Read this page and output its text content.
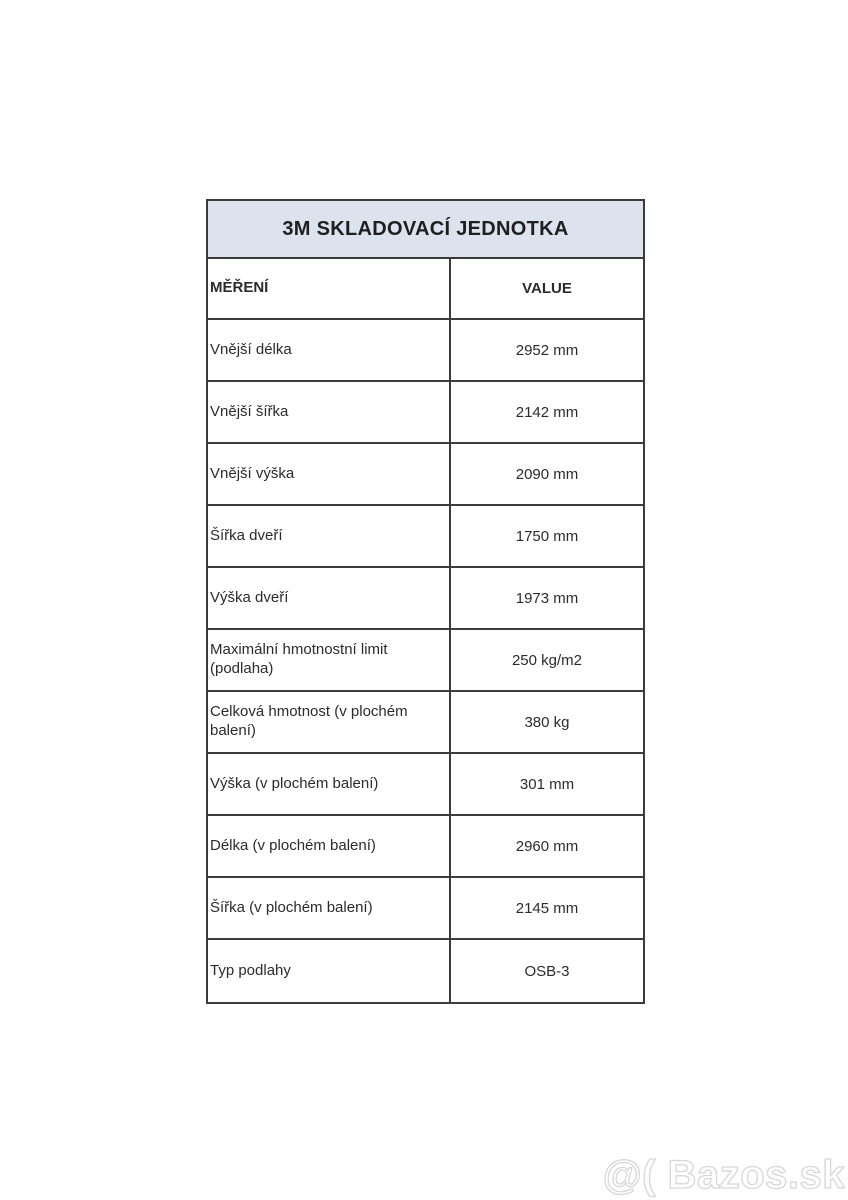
3M SKLADOVACÍ JEDNOTKA
MĚŘENÍ	VALUE
Vnější délka	2952 mm
Vnější šířka	2142 mm
Vnější výška	2090 mm
Šířka dveří	1750 mm
Výška dveří	1973 mm
Maximální hmotnostní limit (podlaha)	250 kg/m2
Celková hmotnost (v plochém balení)	380 kg
Výška (v plochém balení)	301 mm
Délka (v plochém balení)	2960 mm
Šířka (v plochém balení)	2145 mm
Typ podlahy	OSB-3
@( Bazos.sk
